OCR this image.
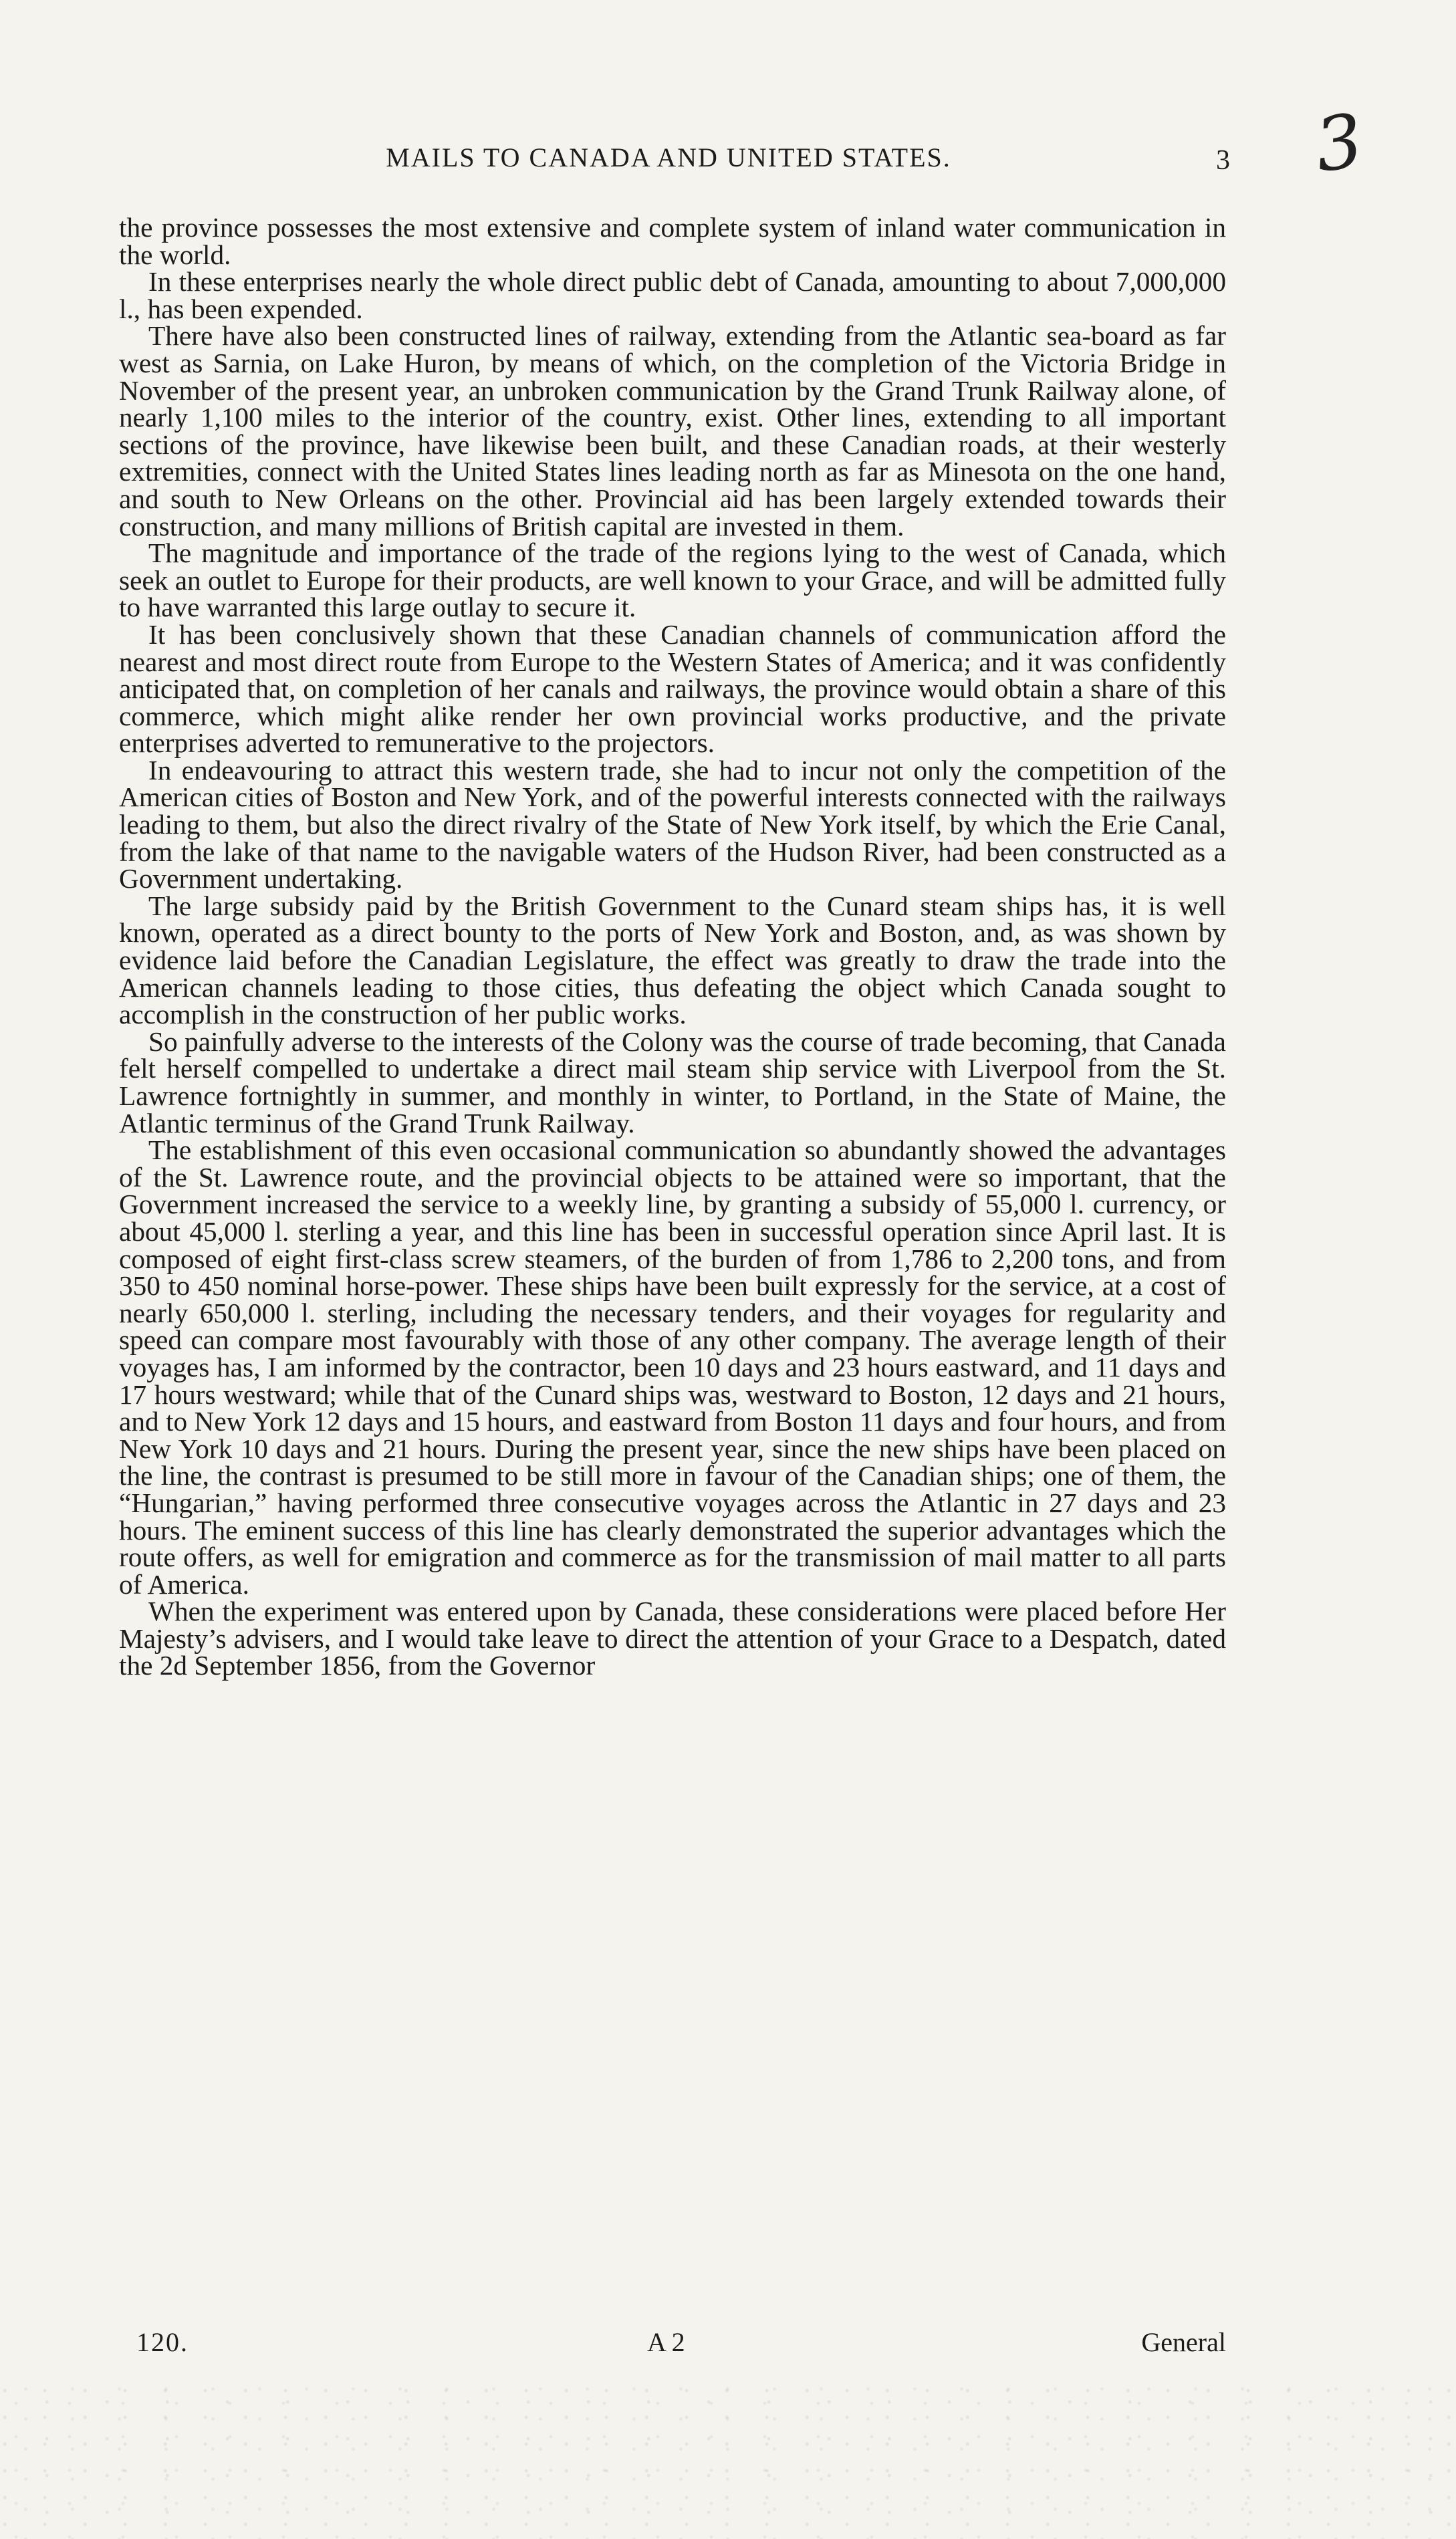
3
MAILS TO CANADA AND UNITED STATES.	3

the province possesses the most extensive and complete system of inland water communication in the world.

In these enterprises nearly the whole direct public debt of Canada, amounting to about 7,000,000 l., has been expended.

There have also been constructed lines of railway, extending from the Atlantic sea-board as far west as Sarnia, on Lake Huron, by means of which, on the completion of the Victoria Bridge in November of the present year, an unbroken communication by the Grand Trunk Railway alone, of nearly 1,100 miles to the interior of the country, exist. Other lines, extending to all important sections of the province, have likewise been built, and these Canadian roads, at their westerly extremities, connect with the United States lines leading north as far as Minesota on the one hand, and south to New Orleans on the other. Provincial aid has been largely extended towards their construction, and many millions of British capital are invested in them.

The magnitude and importance of the trade of the regions lying to the west of Canada, which seek an outlet to Europe for their products, are well known to your Grace, and will be admitted fully to have warranted this large outlay to secure it.

It has been conclusively shown that these Canadian channels of communication afford the nearest and most direct route from Europe to the Western States of America; and it was confidently anticipated that, on completion of her canals and railways, the province would obtain a share of this commerce, which might alike render her own provincial works productive, and the private enterprises adverted to remunerative to the projectors.

In endeavouring to attract this western trade, she had to incur not only the competition of the American cities of Boston and New York, and of the powerful interests connected with the railways leading to them, but also the direct rivalry of the State of New York itself, by which the Erie Canal, from the lake of that name to the navigable waters of the Hudson River, had been constructed as a Government undertaking.

The large subsidy paid by the British Government to the Cunard steam ships has, it is well known, operated as a direct bounty to the ports of New York and Boston, and, as was shown by evidence laid before the Canadian Legislature, the effect was greatly to draw the trade into the American channels leading to those cities, thus defeating the object which Canada sought to accomplish in the construction of her public works.

So painfully adverse to the interests of the Colony was the course of trade becoming, that Canada felt herself compelled to undertake a direct mail steam ship service with Liverpool from the St. Lawrence fortnightly in summer, and monthly in winter, to Portland, in the State of Maine, the Atlantic terminus of the Grand Trunk Railway.

The establishment of this even occasional communication so abundantly showed the advantages of the St. Lawrence route, and the provincial objects to be attained were so important, that the Government increased the service to a weekly line, by granting a subsidy of 55,000 l. currency, or about 45,000 l. sterling a year, and this line has been in successful operation since April last. It is composed of eight first-class screw steamers, of the burden of from 1,786 to 2,200 tons, and from 350 to 450 nominal horse-power. These ships have been built expressly for the service, at a cost of nearly 650,000 l. sterling, including the necessary tenders, and their voyages for regularity and speed can compare most favourably with those of any other company. The average length of their voyages has, I am informed by the contractor, been 10 days and 23 hours eastward, and 11 days and 17 hours westward; while that of the Cunard ships was, westward to Boston, 12 days and 21 hours, and to New York 12 days and 15 hours, and eastward from Boston 11 days and four hours, and from New York 10 days and 21 hours. During the present year, since the new ships have been placed on the line, the contrast is presumed to be still more in favour of the Canadian ships; one of them, the “Hungarian,” having performed three consecutive voyages across the Atlantic in 27 days and 23 hours. The eminent success of this line has clearly demonstrated the superior advantages which the route offers, as well for emigration and commerce as for the transmission of mail matter to all parts of America.

When the experiment was entered upon by Canada, these considerations were placed before Her Majesty’s advisers, and I would take leave to direct the attention of your Grace to a Despatch, dated the 2d September 1856, from the Governor

120.	A 2	General
